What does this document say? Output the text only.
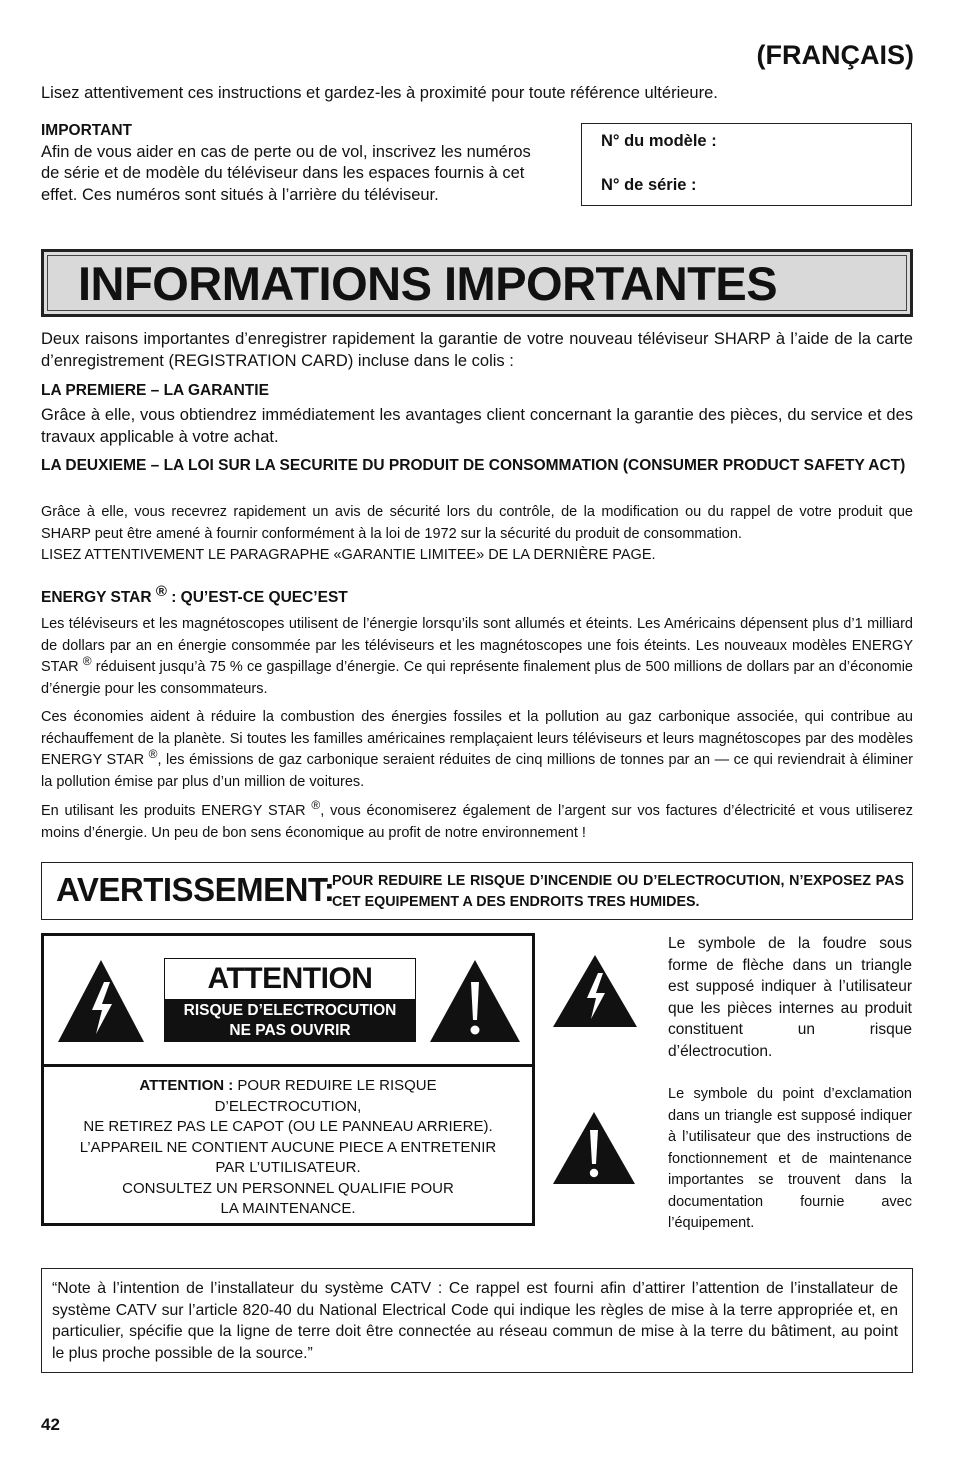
(FRANÇAIS)
Lisez attentivement ces instructions et gardez-les à proximité pour toute référence ultérieure.
IMPORTANT
Afin de vous aider en cas de perte ou de vol, inscrivez les numéros de série et de modèle du téléviseur dans les espaces fournis à cet effet. Ces numéros sont situés à l’arrière du téléviseur.
N° du modèle :
N° de série :
INFORMATIONS IMPORTANTES
Deux raisons importantes d’enregistrer rapidement la garantie de votre nouveau téléviseur SHARP à l’aide de la carte d’enregistrement (REGISTRATION CARD) incluse dans le colis :
LA PREMIERE – LA GARANTIE
Grâce à elle, vous obtiendrez immédiatement les avantages client concernant la garantie des pièces, du service et des travaux applicable à votre achat.
LA DEUXIEME – LA LOI SUR LA SECURITE DU PRODUIT DE CONSOMMATION (CONSUMER PRODUCT SAFETY ACT)
Grâce à elle, vous recevrez rapidement un avis de sécurité lors du contrôle, de la modification ou du rappel de votre produit que SHARP peut être amené à fournir conformément à la loi de 1972 sur la sécurité du produit de consommation.
LISEZ ATTENTIVEMENT LE PARAGRAPHE «GARANTIE LIMITEE» DE LA DERNIÈRE PAGE.
ENERGY STAR ® : QU’EST-CE QUEC’EST
Les téléviseurs et les magnétoscopes utilisent de l’énergie lorsqu’ils sont allumés et éteints. Les Américains dépensent plus d’1 milliard de dollars par an en énergie consommée par les téléviseurs et les magnétoscopes une fois éteints. Les nouveaux modèles ENERGY STAR ® réduisent jusqu’à 75 % ce gaspillage d’énergie. Ce qui représente finalement plus de 500 millions de dollars par an d’économie d’énergie pour les consommateurs.
Ces économies aident à réduire la combustion des énergies fossiles et la pollution au gaz carbonique associée, qui contribue au réchauffement de la planète. Si toutes les familles américaines remplaçaient leurs téléviseurs et leurs magnétoscopes par des modèles ENERGY STAR ®, les émissions de gaz carbonique seraient réduites de cinq millions de tonnes par an — ce qui reviendrait à éliminer la pollution émise par plus d’un million de voitures.
En utilisant les produits ENERGY STAR ®, vous économiserez également de l’argent sur vos factures d’électricité et vous utiliserez moins d’énergie. Un peu de bon sens économique au profit de notre environnement !
AVERTISSEMENT:
POUR REDUIRE LE RISQUE D’INCENDIE OU D’ELECTROCUTION, N’EXPOSEZ PAS CET EQUIPEMENT A DES ENDROITS TRES HUMIDES.
ATTENTION
RISQUE D’ELECTROCUTION
NE PAS OUVRIR
ATTENTION : POUR REDUIRE LE RISQUE
D’ELECTROCUTION,
NE RETIREZ PAS LE CAPOT (OU LE PANNEAU ARRIERE).
L’APPAREIL NE CONTIENT AUCUNE PIECE A ENTRETENIR
PAR L’UTILISATEUR.
CONSULTEZ UN PERSONNEL QUALIFIE POUR
LA MAINTENANCE.
Le symbole de la foudre sous forme de flèche dans un triangle est supposé indiquer à l’utilisateur que les pièces internes au produit constituent un risque d’électrocution.
Le symbole du point d’exclamation dans un triangle est supposé indiquer à l’utilisateur que des instructions de fonctionnement et de maintenance importantes se trouvent dans la documentation fournie avec l’équipement.
“Note à l’intention de l’installateur du système CATV : Ce rappel est fourni afin d’attirer l’attention de l’installateur de système CATV sur l’article 820-40 du National Electrical Code qui indique les règles de mise à la terre appropriée et, en particulier, spécifie que la ligne de terre doit être connectée au réseau commun de mise à la terre du bâtiment, au point le plus proche possible de la source.”
42
